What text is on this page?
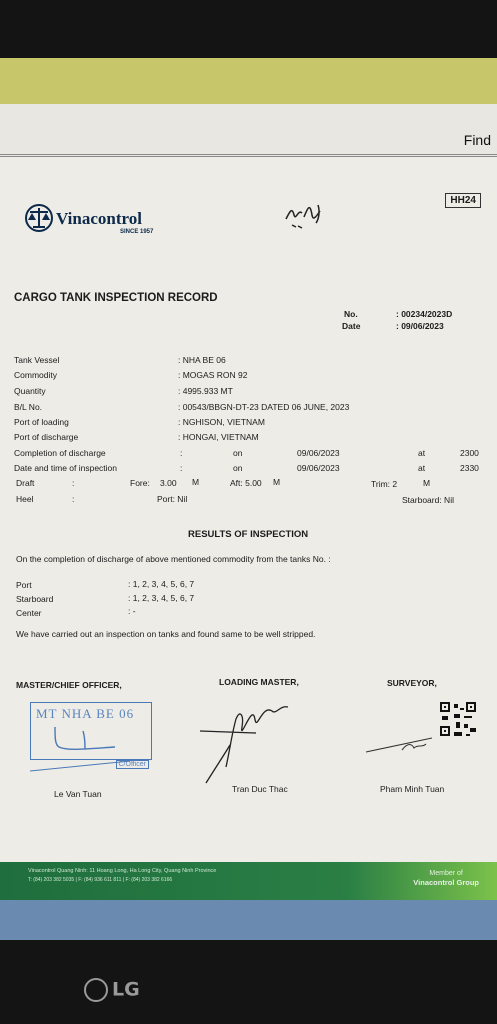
Find
HH24
Vinacontrol
SINCE 1957
CARGO TANK INSPECTION RECORD
No.	: 00234/2023D
Date	: 09/06/2023
Tank Vessel	: NHA BE 06
Commodity	: MOGAS RON 92
Quantity	: 4995.933 MT
B/L No.	: 00543/BBGN-DT-23 DATED 06 JUNE, 2023
Port of loading	: NGHISON, VIETNAM
Port of discharge	: HONGAI, VIETNAM
Completion of discharge	:	on	09/06/2023	at	2300
Date and time of inspection	:	on	09/06/2023	at	2330
Draft	:	Fore: 3.00 M	Aft: 5.00 M	Trim: 2	M
Heel	:	Port: Nil	Starboard: Nil
RESULTS OF INSPECTION
On the completion of discharge of above mentioned commodity from the tanks No. :
Port	: 1, 2, 3, 4, 5, 6, 7
Starboard	: 1, 2, 3, 4, 5, 6, 7
Center	: -
We have carried out an inspection on tanks and found same to be well stripped.
MASTER/CHIEF OFFICER,	LOADING MASTER,	SURVEYOR,
MT NHA BE 06
C/Officer
Le Van Tuan	Tran Duc Thac	Pham Minh Tuan
Vinacontrol Quang Ninh: 11 Hoang Long, Ha Long City, Quang Ninh Province
T: (84) 203 382 5035 | F: (84) 936 611 811 | F: (84) 203 382 6166
Member of
Vinacontrol Group
LG
